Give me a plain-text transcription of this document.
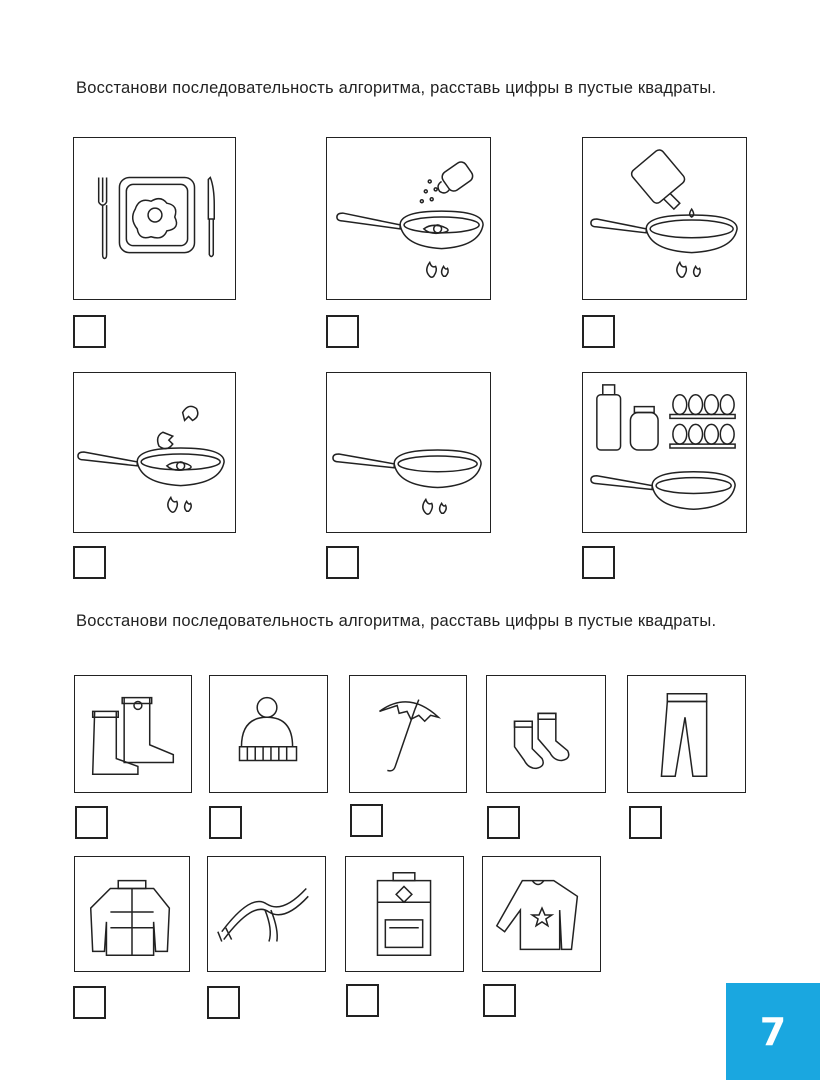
Восстанови последовательность алгоритма, расставь цифры в пустые квадраты.

Восстанови последовательность алгоритма, расставь цифры в пустые квадраты.

7
